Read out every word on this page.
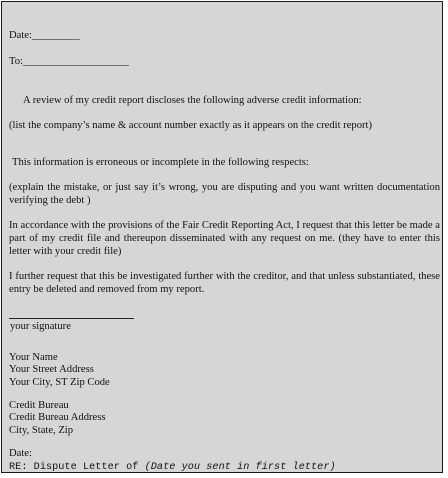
Date:_________
To:____________________
A review of my credit report discloses the following adverse credit information:
(list the company’s name & account number exactly as it appears on the credit report)
This information is erroneous or incomplete in the following respects:
(explain the mistake, or just say it’s wrong, you are disputing and you want written documentation verifying the debt )
In accordance with the provisions of the Fair Credit Reporting Act, I request that this letter be made a part of my credit file and thereupon disseminated with any request on me. (they have to enter this letter with your credit file)
I further request that this be investigated further with the creditor, and that unless substantiated, these entry be deleted and removed from my report.
your signature
Your Name
Your Street Address
Your City, ST Zip Code
Credit Bureau
Credit Bureau Address
City, State, Zip
Date:
RE: Dispute Letter of (Date you sent in first letter)
